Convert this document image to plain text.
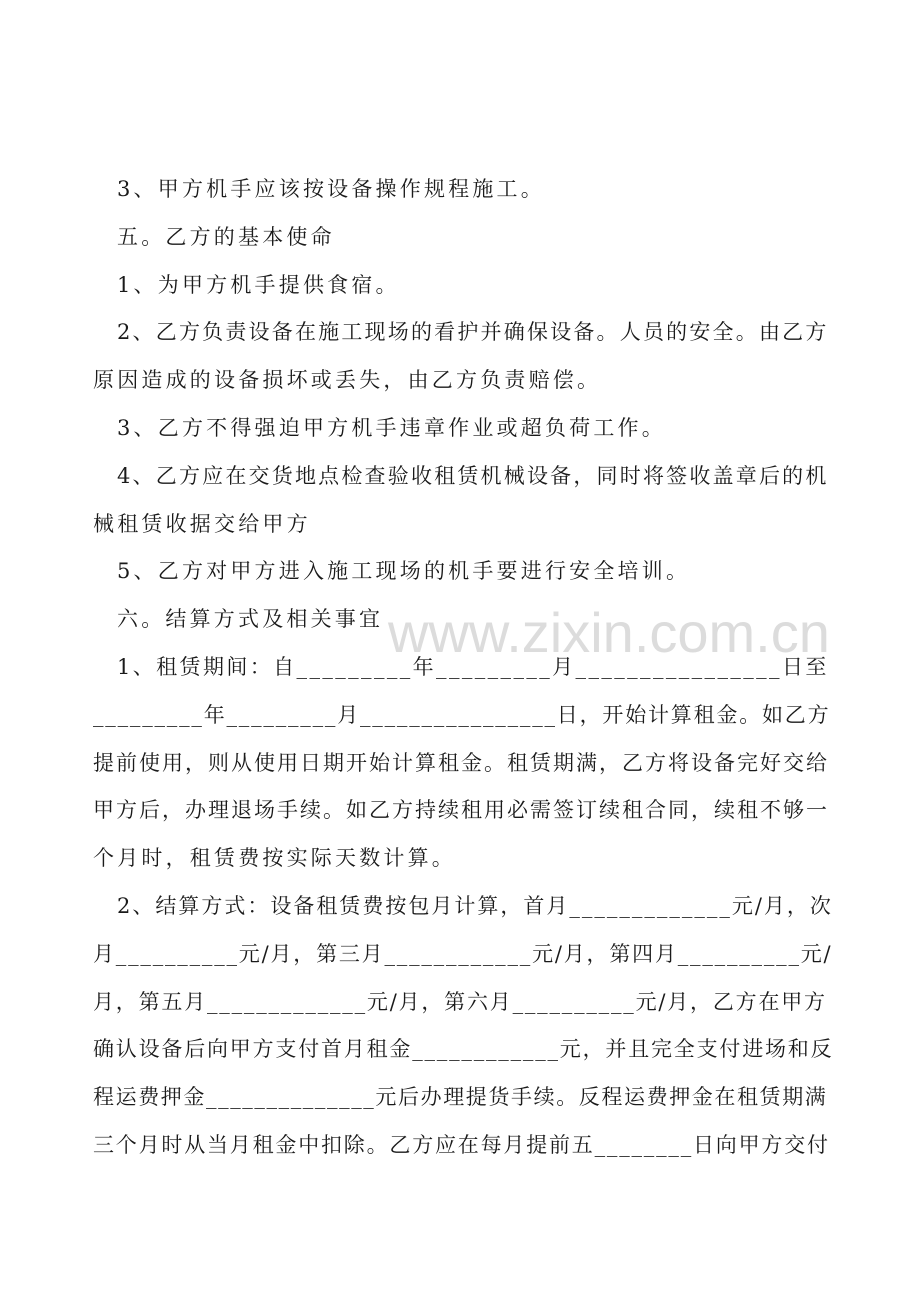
3、甲方机手应该按设备操作规程施工。
五。乙方的基本使命
1、为甲方机手提供食宿。
2、乙方负责设备在施工现场的看护并确保设备。人员的安全。由乙方
原因造成的设备损坏或丢失，由乙方负责赔偿。
3、乙方不得强迫甲方机手违章作业或超负荷工作。
4、乙方应在交货地点检查验收租赁机械设备，同时将签收盖章后的机
械租赁收据交给甲方
5、乙方对甲方进入施工现场的机手要进行安全培训。
六。结算方式及相关事宜
1、租赁期间：自_________年_________月________________日至
_________年_________月________________日，开始计算租金。如乙方
提前使用，则从使用日期开始计算租金。租赁期满，乙方将设备完好交给
甲方后，办理退场手续。如乙方持续租用必需签订续租合同，续租不够一
个月时，租赁费按实际天数计算。
2、结算方式：设备租赁费按包月计算，首月_____________元/月，次
月__________元/月，第三月____________元/月，第四月__________元/
月，第五月_____________元/月，第六月__________元/月，乙方在甲方
确认设备后向甲方支付首月租金____________元，并且完全支付进场和反
程运费押金______________元后办理提货手续。反程运费押金在租赁期满
三个月时从当月租金中扣除。乙方应在每月提前五________日向甲方交付
www.zixin.com.cn
